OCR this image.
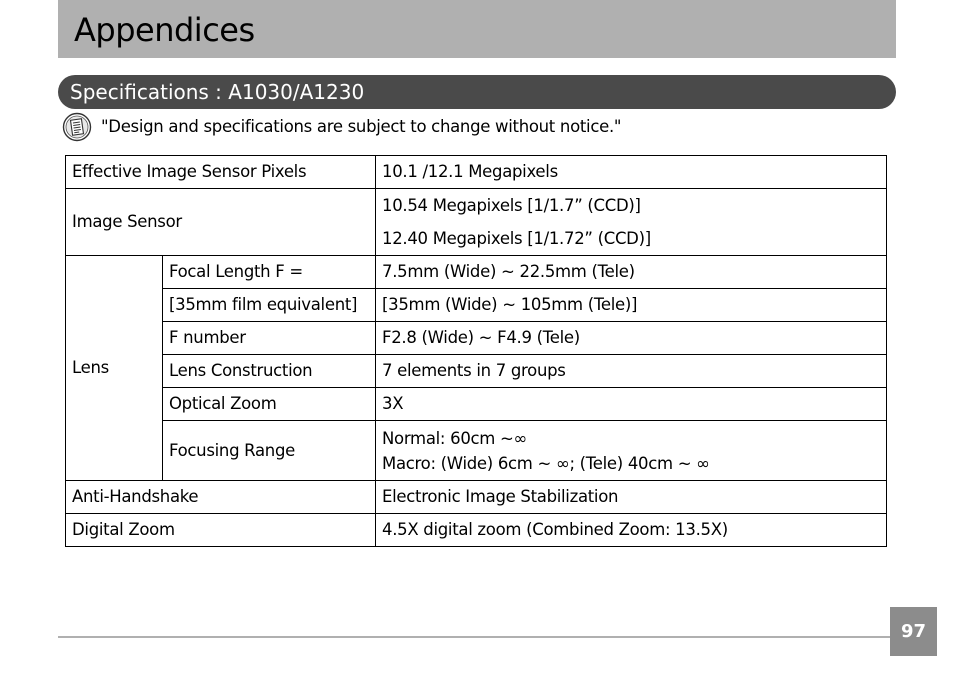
Appendices
Specifications : A1030/A1230
"Design and specifications are subject to change without notice."
Effective Image Sensor Pixels		10.1 /12.1 Megapixels
Image Sensor		10.54 Megapixels [1/1.7” (CCD)]
12.40 Megapixels [1/1.72” (CCD)]

Lens	Focal Length F =	7.5mm (Wide) ~ 22.5mm (Tele)
	[35mm film equivalent]	[35mm (Wide) ~ 105mm (Tele)]
	F number	F2.8 (Wide) ~ F4.9 (Tele)
	Lens Construction	7 elements in 7 groups
	Optical Zoom	3X
	Focusing Range	Normal: 60cm ~∞
Macro: (Wide) 6cm ~ ∞; (Tele) 40cm ~ ∞

Anti-Handshake		Electronic Image Stabilization
Digital Zoom		4.5X digital zoom (Combined Zoom: 13.5X)
97
